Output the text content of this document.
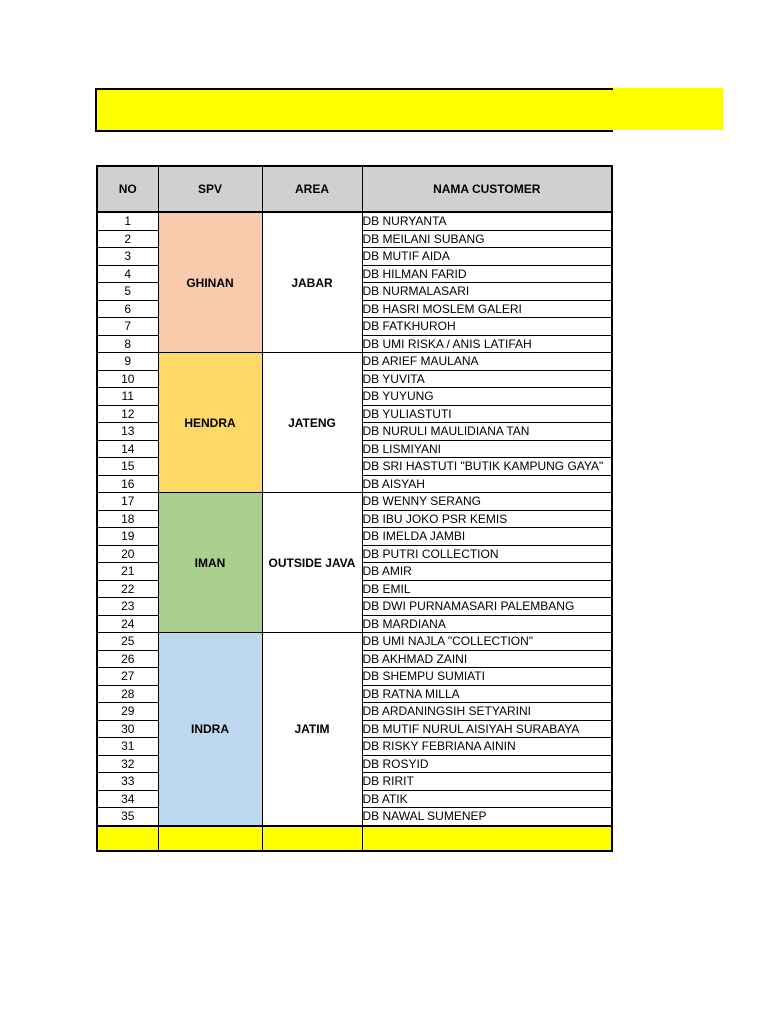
NO	SPV	AREA	NAMA CUSTOMER
1	GHINAN	JABAR	DB NURYANTA
2			DB MEILANI SUBANG
3			DB MUTIF AIDA
4			DB HILMAN FARID
5			DB NURMALASARI
6			DB HASRI MOSLEM GALERI
7			DB FATKHUROH
8			DB UMI RISKA / ANIS LATIFAH
9	HENDRA	JATENG	DB ARIEF MAULANA
10			DB YUVITA
11			DB YUYUNG
12			DB YULIASTUTI
13			DB NURULI MAULIDIANA TAN
14			DB LISMIYANI
15			DB SRI HASTUTI "BUTIK KAMPUNG GAYA"
16			DB AISYAH
17	IMAN	OUTSIDE JAVA	DB WENNY SERANG
18			DB IBU JOKO PSR KEMIS
19			DB IMELDA JAMBI
20			DB PUTRI COLLECTION
21			DB AMIR
22			DB EMIL
23			DB DWI PURNAMASARI PALEMBANG
24			DB MARDIANA
25	INDRA	JATIM	DB UMI NAJLA "COLLECTION"
26			DB AKHMAD ZAINI
27			DB SHEMPU SUMIATI
28			DB RATNA MILLA
29			DB ARDANINGSIH SETYARINI
30			DB MUTIF NURUL AISIYAH SURABAYA
31			DB RISKY FEBRIANA AININ
32			DB ROSYID
33			DB RIRIT
34			DB ATIK
35			DB NAWAL SUMENEP
